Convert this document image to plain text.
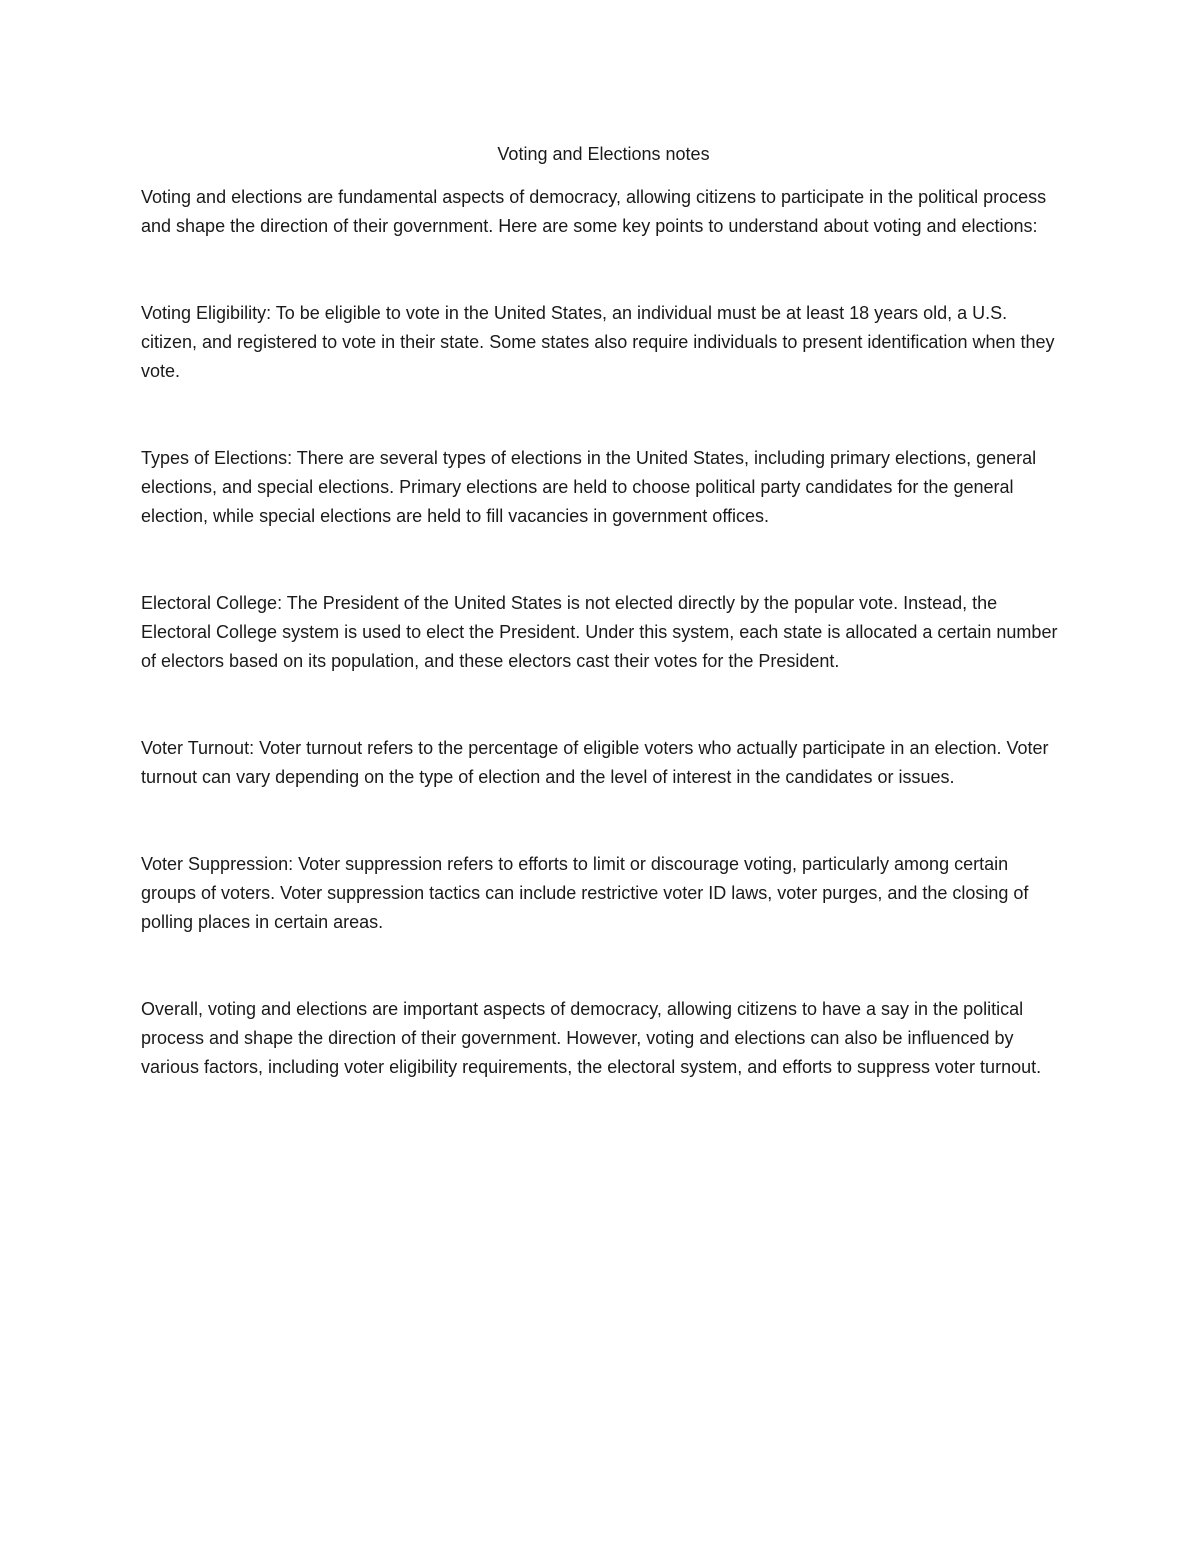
Voting and Elections notes

Voting and elections are fundamental aspects of democracy, allowing citizens to participate in the political process and shape the direction of their government. Here are some key points to understand about voting and elections:

Voting Eligibility: To be eligible to vote in the United States, an individual must be at least 18 years old, a U.S. citizen, and registered to vote in their state. Some states also require individuals to present identification when they vote.

Types of Elections: There are several types of elections in the United States, including primary elections, general elections, and special elections. Primary elections are held to choose political party candidates for the general election, while special elections are held to fill vacancies in government offices.

Electoral College: The President of the United States is not elected directly by the popular vote. Instead, the Electoral College system is used to elect the President. Under this system, each state is allocated a certain number of electors based on its population, and these electors cast their votes for the President.

Voter Turnout: Voter turnout refers to the percentage of eligible voters who actually participate in an election. Voter turnout can vary depending on the type of election and the level of interest in the candidates or issues.

Voter Suppression: Voter suppression refers to efforts to limit or discourage voting, particularly among certain groups of voters. Voter suppression tactics can include restrictive voter ID laws, voter purges, and the closing of polling places in certain areas.

Overall, voting and elections are important aspects of democracy, allowing citizens to have a say in the political process and shape the direction of their government. However, voting and elections can also be influenced by various factors, including voter eligibility requirements, the electoral system, and efforts to suppress voter turnout.
